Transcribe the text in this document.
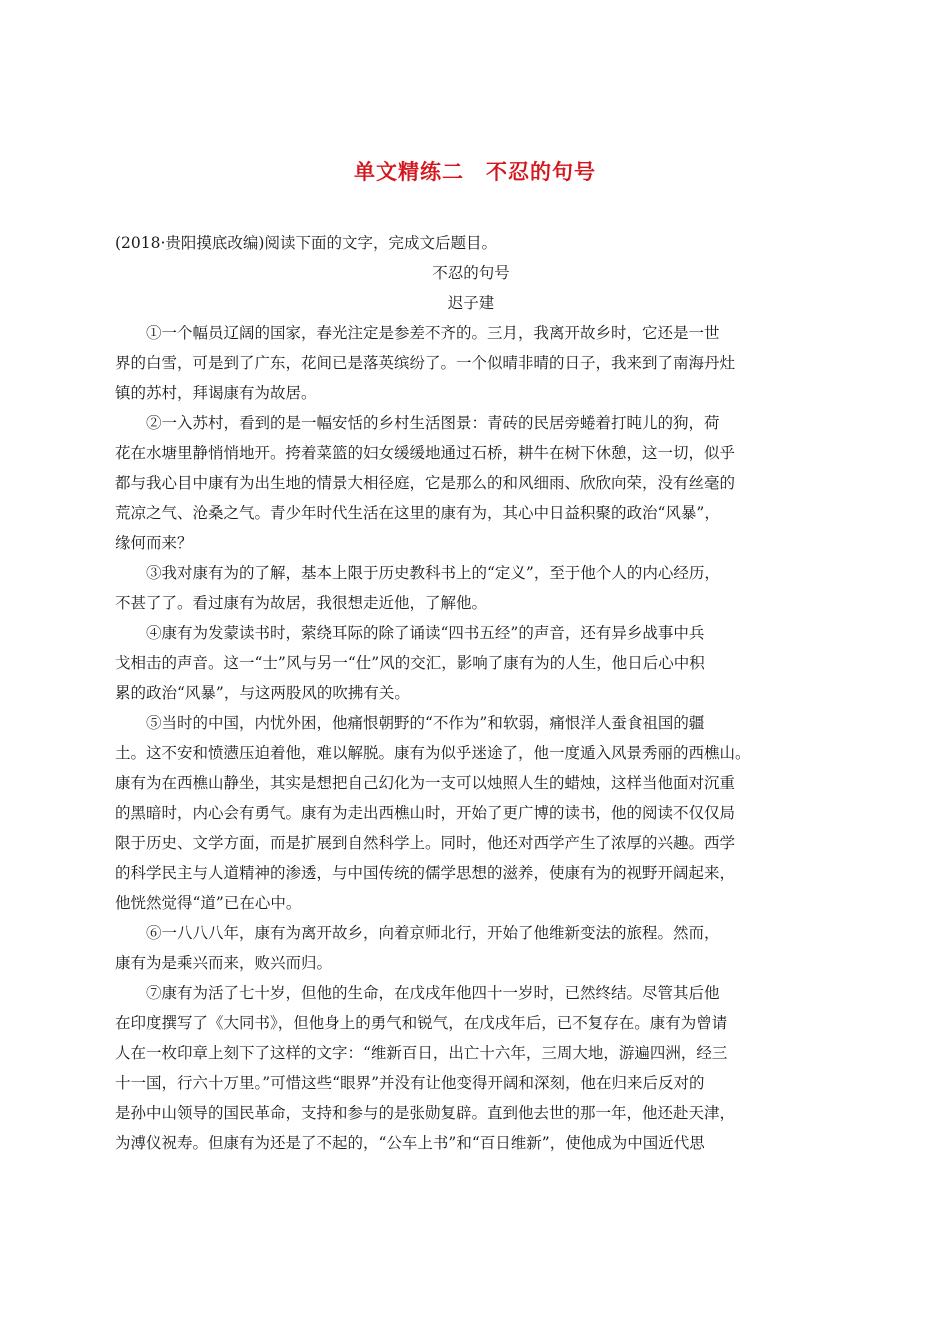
单文精练二　不忍的句号

(2018·贵阳摸底改编)阅读下面的文字，完成文后题目。

不忍的句号

迟子建

①一个幅员辽阔的国家，春光注定是参差不齐的。三月，我离开故乡时，它还是一世
界的白雪，可是到了广东，花间已是落英缤纷了。一个似晴非晴的日子，我来到了南海丹灶
镇的苏村，拜谒康有为故居。
②一入苏村，看到的是一幅安恬的乡村生活图景：青砖的民居旁蜷着打盹儿的狗，荷
花在水塘里静悄悄地开。挎着菜篮的妇女缓缓地通过石桥，耕牛在树下休憩，这一切，似乎
都与我心目中康有为出生地的情景大相径庭，它是那么的和风细雨、欣欣向荣，没有丝毫的
荒凉之气、沧桑之气。青少年时代生活在这里的康有为，其心中日益积聚的政治“风暴”，
缘何而来？
③我对康有为的了解，基本上限于历史教科书上的“定义”，至于他个人的内心经历，
不甚了了。看过康有为故居，我很想走近他，了解他。
④康有为发蒙读书时，萦绕耳际的除了诵读“四书五经”的声音，还有异乡战事中兵
戈相击的声音。这一“士”风与另一“仕”风的交汇，影响了康有为的人生，他日后心中积
累的政治“风暴”，与这两股风的吹拂有关。
⑤当时的中国，内忧外困，他痛恨朝野的“不作为”和软弱，痛恨洋人蚕食祖国的疆
土。这不安和愤懑压迫着他，难以解脱。康有为似乎迷途了，他一度遁入风景秀丽的西樵山。
康有为在西樵山静坐，其实是想把自己幻化为一支可以烛照人生的蜡烛，这样当他面对沉重
的黑暗时，内心会有勇气。康有为走出西樵山时，开始了更广博的读书，他的阅读不仅仅局
限于历史、文学方面，而是扩展到自然科学上。同时，他还对西学产生了浓厚的兴趣。西学
的科学民主与人道精神的渗透，与中国传统的儒学思想的滋养，使康有为的视野开阔起来，
他恍然觉得“道”已在心中。
⑥一八八八年，康有为离开故乡，向着京师北行，开始了他维新变法的旅程。然而，
康有为是乘兴而来，败兴而归。
⑦康有为活了七十岁，但他的生命，在戊戌年他四十一岁时，已然终结。尽管其后他
在印度撰写了《大同书》，但他身上的勇气和锐气，在戊戌年后，已不复存在。康有为曾请
人在一枚印章上刻下了这样的文字：“维新百日，出亡十六年，三周大地，游遍四洲，经三
十一国，行六十万里。”可惜这些“眼界”并没有让他变得开阔和深刻，他在归来后反对的
是孙中山领导的国民革命，支持和参与的是张勋复辟。直到他去世的那一年，他还赴天津，
为溥仪祝寿。但康有为还是了不起的，“公车上书”和“百日维新”，使他成为中国近代思
